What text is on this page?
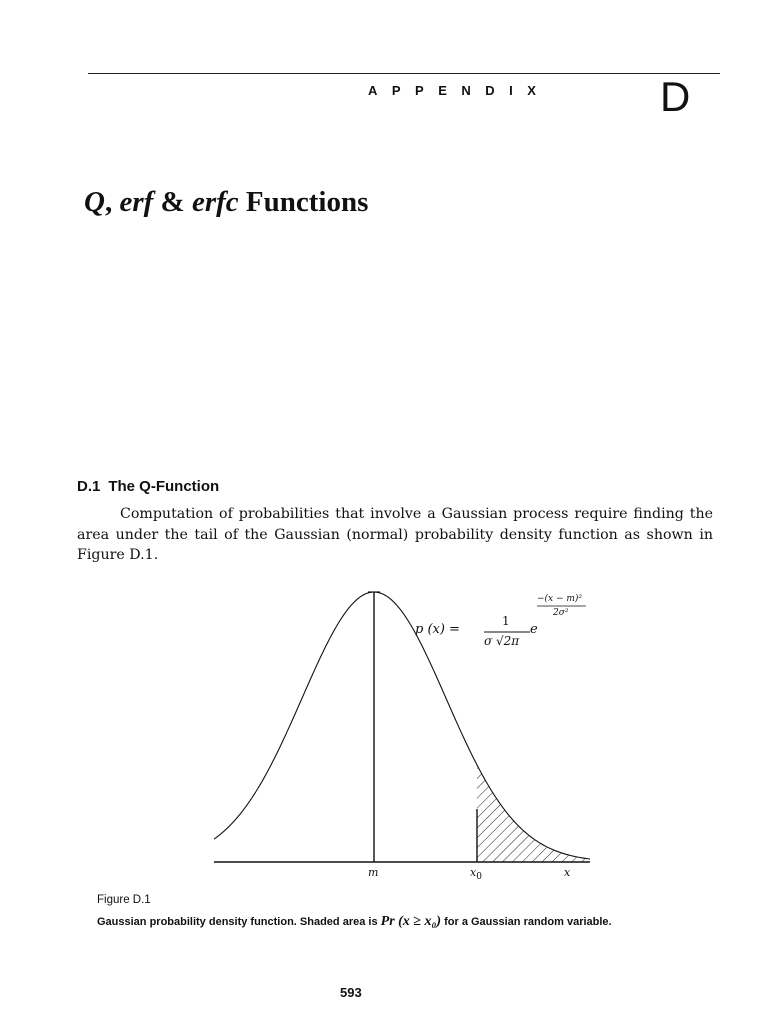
APPENDIX	D
Q, erf & erfc Functions
D.1 The Q-Function

Computation of probabilities that involve a Gaussian process require finding the area under the tail of the Gaussian (normal) probability density function as shown in Figure D.1.

p (x) =
1
σ √2π
e
−(x − m)²
2σ²
m	$x_0$	x
Figure D.1
Gaussian probability density function. Shaded area is Pr (x ≥ x₀) for a Gaussian random variable.
593
